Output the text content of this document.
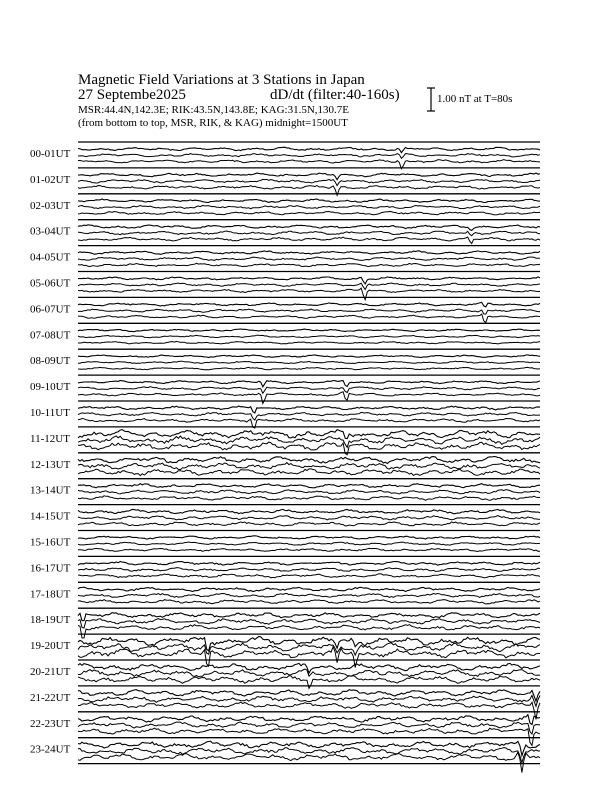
Magnetic Field Variations at 3 Stations in Japan
27 Septembe2025	dD/dt (filter:40-160s)
MSR:44.4N,142.3E; RIK:43.5N,143.8E; KAG:31.5N,130.7E
(from bottom to top, MSR, RIK, & KAG) midnight=1500UT
1.00 nT at T=80s
00-01UT
01-02UT
02-03UT
03-04UT
04-05UT
05-06UT
06-07UT
07-08UT
08-09UT
09-10UT
10-11UT
11-12UT
12-13UT
13-14UT
14-15UT
15-16UT
16-17UT
17-18UT
18-19UT
19-20UT
20-21UT
21-22UT
22-23UT
23-24UT
